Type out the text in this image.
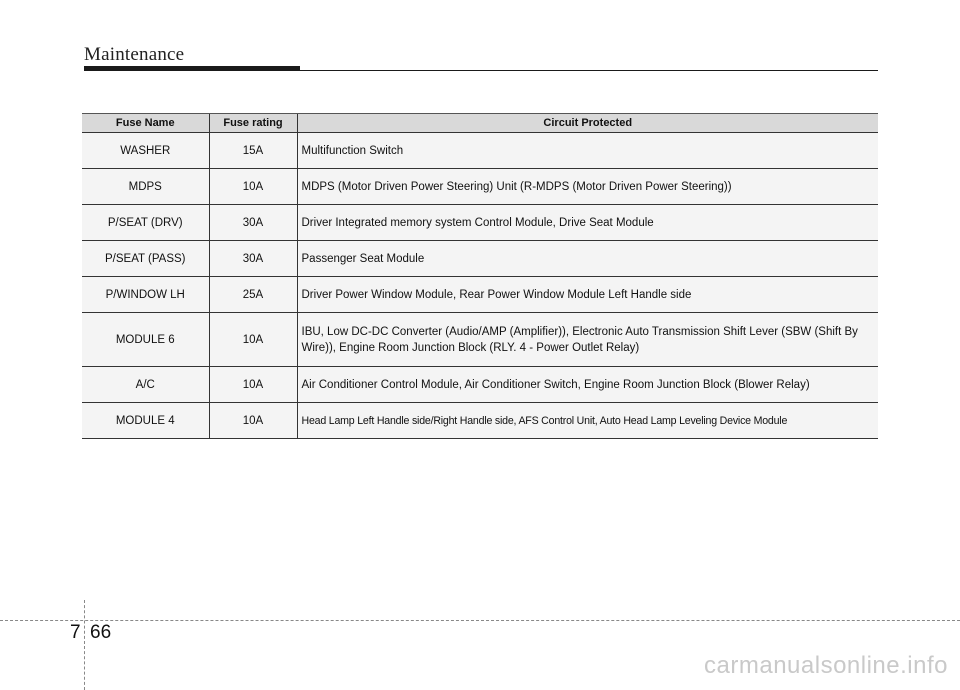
Maintenance
Fuse Name	Fuse rating	Circuit Protected
WASHER	15A	Multifunction Switch
MDPS	10A	MDPS (Motor Driven Power Steering) Unit (R-MDPS (Motor Driven Power Steering))
P/SEAT (DRV)	30A	Driver Integrated memory system Control Module, Drive Seat Module
P/SEAT (PASS)	30A	Passenger Seat Module
P/WINDOW LH	25A	Driver Power Window Module, Rear Power Window Module Left Handle side
MODULE 6	10A	IBU, Low DC-DC Converter (Audio/AMP (Amplifier)), Electronic Auto Transmission Shift Lever (SBW (Shift By Wire)), Engine Room Junction Block (RLY. 4 - Power Outlet Relay)
A/C	10A	Air Conditioner Control Module, Air Conditioner Switch, Engine Room Junction Block (Blower Relay)
MODULE 4	10A	Head Lamp Left Handle side/Right Handle side, AFS Control Unit, Auto Head Lamp Leveling Device Module
7 66
carmanualsonline.info
